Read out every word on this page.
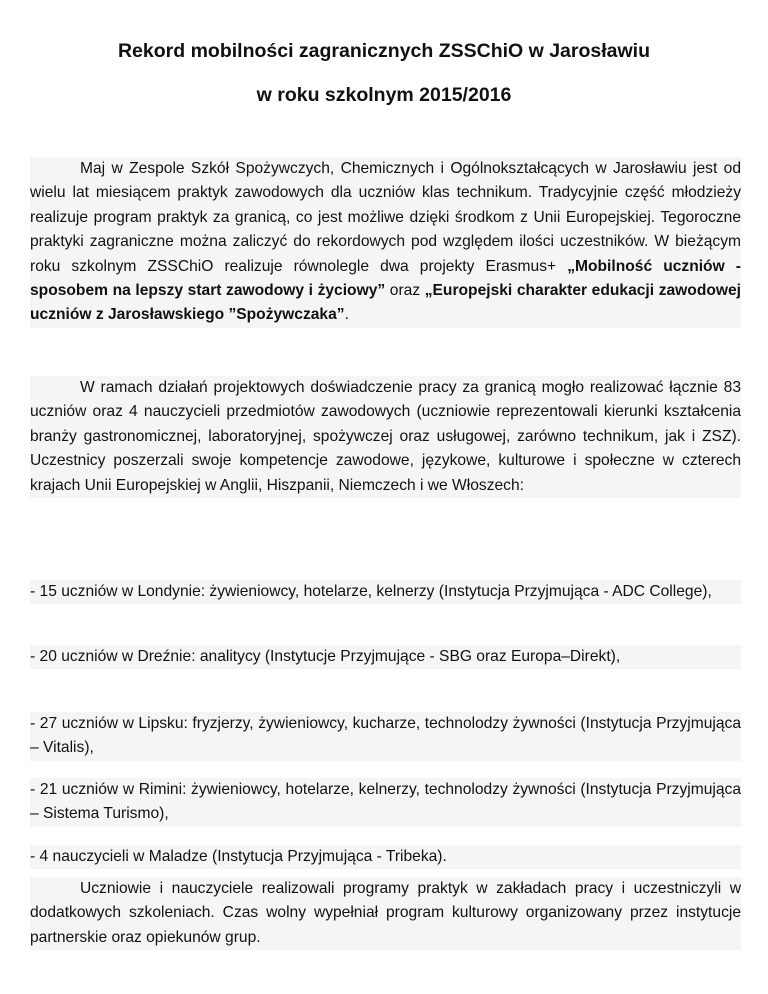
Rekord mobilności zagranicznych ZSSChiO w Jarosławiu
w roku szkolnym 2015/2016

Maj w Zespole Szkół Spożywczych, Chemicznych i Ogólnokształcących w Jarosławiu jest od wielu lat miesiącem praktyk zawodowych dla uczniów klas technikum. Tradycyjnie część młodzieży realizuje program praktyk za granicą, co jest możliwe dzięki środkom z Unii Europejskiej. Tegoroczne praktyki zagraniczne można zaliczyć do rekordowych pod względem ilości uczestników. W bieżącym roku szkolnym ZSSChiO realizuje równolegle dwa projekty Erasmus+ „Mobilność uczniów - sposobem na lepszy start zawodowy i życiowy” oraz „Europejski charakter edukacji zawodowej uczniów z Jarosławskiego ”Spożywczaka”.

W ramach działań projektowych doświadczenie pracy za granicą mogło realizować łącznie 83 uczniów oraz 4 nauczycieli przedmiotów zawodowych (uczniowie reprezentowali kierunki kształcenia branży gastronomicznej, laboratoryjnej, spożywczej oraz usługowej, zarówno technikum, jak i ZSZ). Uczestnicy poszerzali swoje kompetencje zawodowe, językowe, kulturowe i społeczne w czterech krajach Unii Europejskiej w Anglii, Hiszpanii, Niemczech i we Włoszech:

- 15 uczniów w Londynie: żywieniowcy, hotelarze, kelnerzy (Instytucja Przyjmująca - ADC College),

- 20 uczniów w Dreźnie: analitycy (Instytucje Przyjmujące - SBG oraz Europa–Direkt),

- 27 uczniów w Lipsku: fryzjerzy, żywieniowcy, kucharze, technolodzy żywności (Instytucja Przyjmująca – Vitalis),

- 21 uczniów w Rimini: żywieniowcy, hotelarze, kelnerzy, technolodzy żywności (Instytucja Przyjmująca – Sistema Turismo),

- 4 nauczycieli w Maladze (Instytucja Przyjmująca - Tribeka).

Uczniowie i nauczyciele realizowali programy praktyk w zakładach pracy i uczestniczyli w dodatkowych szkoleniach. Czas wolny wypełniał program kulturowy organizowany przez instytucje partnerskie oraz opiekunów grup.
